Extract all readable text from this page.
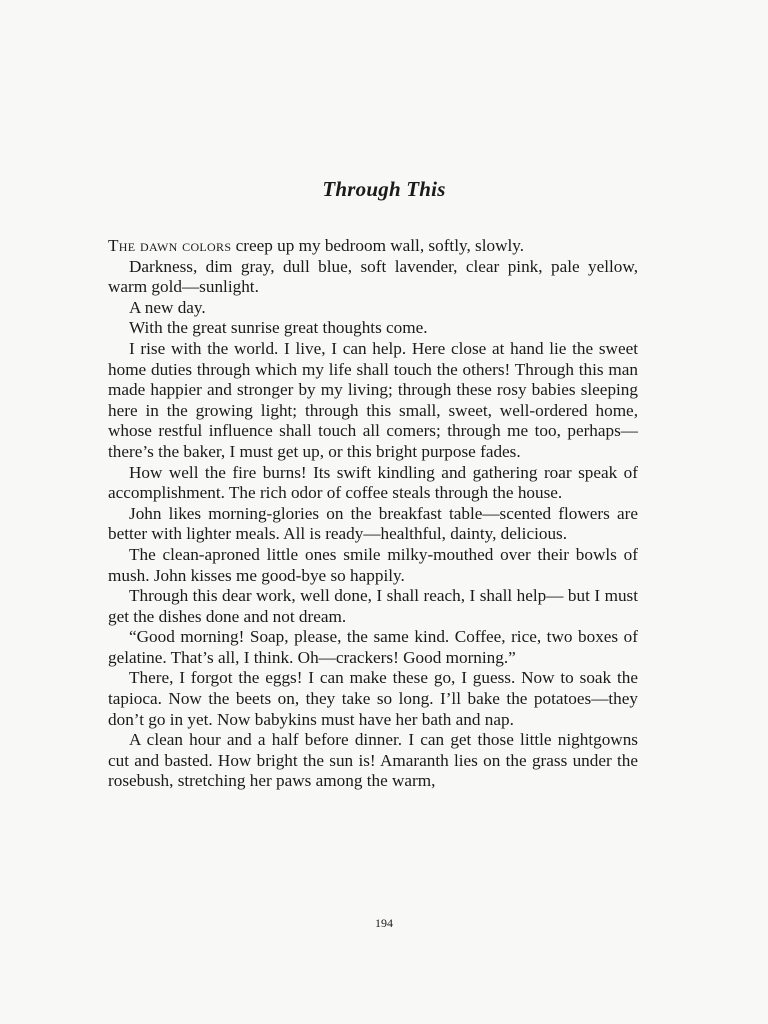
Through This

The dawn colors creep up my bedroom wall, softly, slowly.

Darkness, dim gray, dull blue, soft lavender, clear pink, pale yellow, warm gold—sunlight.

A new day.

With the great sunrise great thoughts come.

I rise with the world. I live, I can help. Here close at hand lie the sweet home duties through which my life shall touch the others! Through this man made happier and stronger by my living; through these rosy babies sleeping here in the growing light; through this small, sweet, well-ordered home, whose restful influence shall touch all comers; through me too, perhaps—there’s the baker, I must get up, or this bright purpose fades.

How well the fire burns! Its swift kindling and gathering roar speak of accomplishment. The rich odor of coffee steals through the house.

John likes morning-glories on the breakfast table—scented flowers are better with lighter meals. All is ready—healthful, dainty, delicious.

The clean-aproned little ones smile milky-mouthed over their bowls of mush. John kisses me good-bye so happily.

Through this dear work, well done, I shall reach, I shall help— but I must get the dishes done and not dream.

“Good morning! Soap, please, the same kind. Coffee, rice, two boxes of gelatine. That’s all, I think. Oh—crackers! Good morning.”

There, I forgot the eggs! I can make these go, I guess. Now to soak the tapioca. Now the beets on, they take so long. I’ll bake the potatoes—they don’t go in yet. Now babykins must have her bath and nap.

A clean hour and a half before dinner. I can get those little nightgowns cut and basted. How bright the sun is! Amaranth lies on the grass under the rosebush, stretching her paws among the warm,

194
